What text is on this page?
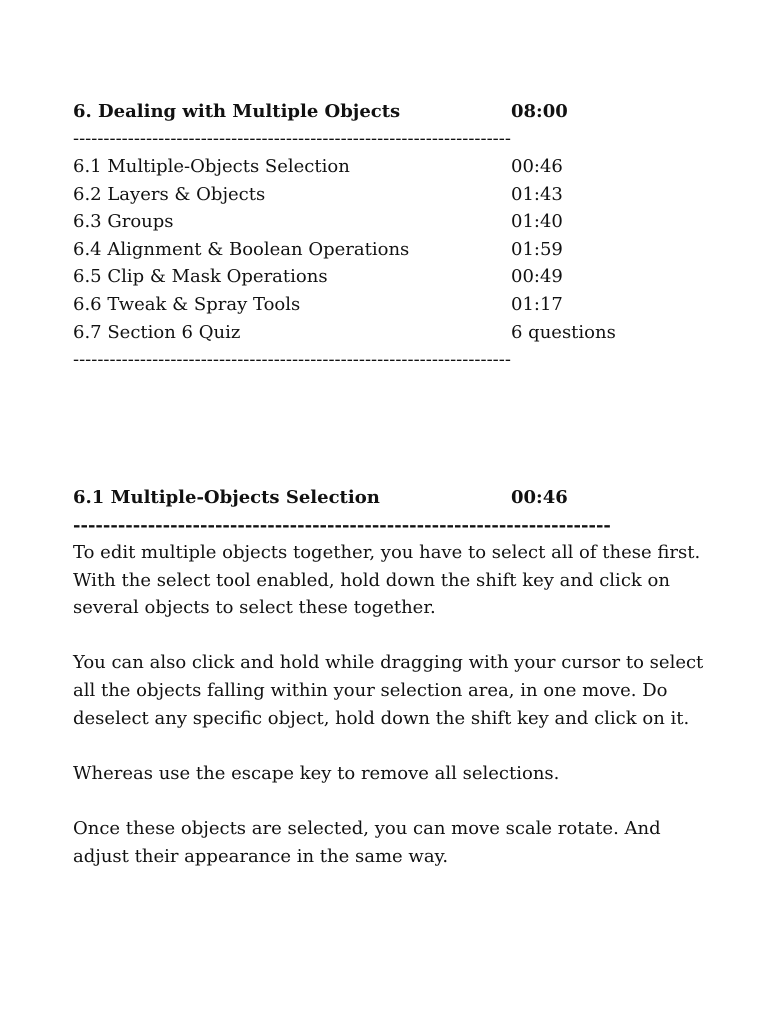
6. Dealing with Multiple Objects	08:00
------------------------------------------------------------------------
6.1 Multiple-Objects Selection	00:46
6.2 Layers & Objects	01:43
6.3 Groups	01:40
6.4 Alignment & Boolean Operations	01:59
6.5 Clip & Mask Operations	00:49
6.6 Tweak & Spray Tools	01:17
6.7 Section 6 Quiz	6 questions
------------------------------------------------------------------------
6.1 Multiple-Objects Selection	00:46
------------------------------------------------------------------------

To edit multiple objects together, you have to select all of these first. With the select tool enabled, hold down the shift key and click on several objects to select these together.

You can also click and hold while dragging with your cursor to select all the objects falling within your selection area, in one move. Do deselect any specific object, hold down the shift key and click on it.

Whereas use the escape key to remove all selections.

Once these objects are selected, you can move scale rotate. And adjust their appearance in the same way.
